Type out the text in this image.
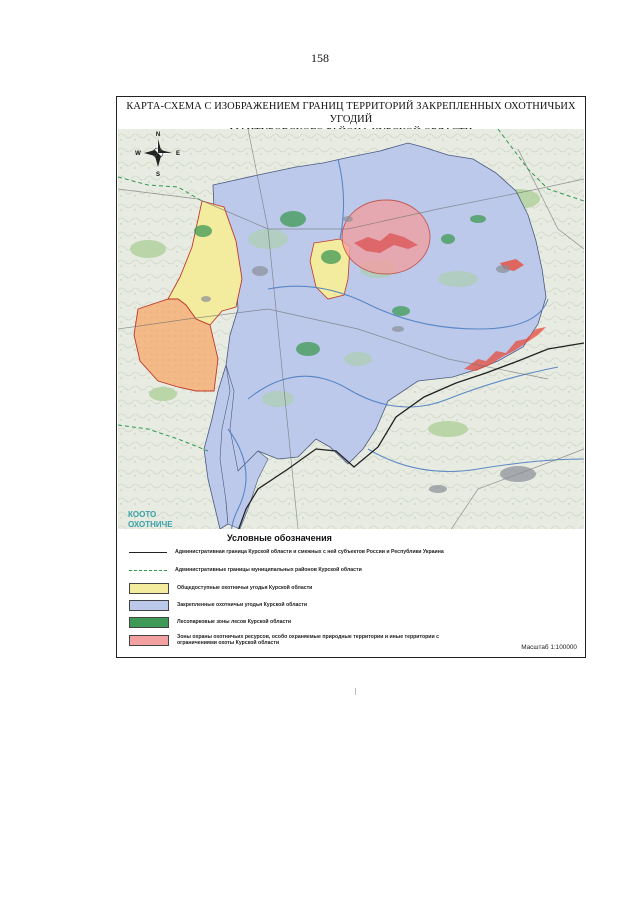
158
КАРТА-СХЕМА С ИЗОБРАЖЕНИЕМ ГРАНИЦ ТЕРРИТОРИЙ ЗАКРЕПЛЕННЫХ ОХОТНИЧЬИХ УГОДИЙ
N
S
W	E
КООТО
ОХОТНИЧЕ
Условные обозначения
Административная граница Курской области и смежных с ней субъектов России и Республики Украина
Административные границы муниципальных районов Курской области
Общедоступные охотничьи угодья Курской области
Закрепленные охотничьи угодья Курской области
Лесопарковые зоны лесов Курской области
Зоны охраны охотничьих ресурсов, особо охраняемые природные территории и иные территории с ограничениями охоты Курской области
Масштаб 1:100000
